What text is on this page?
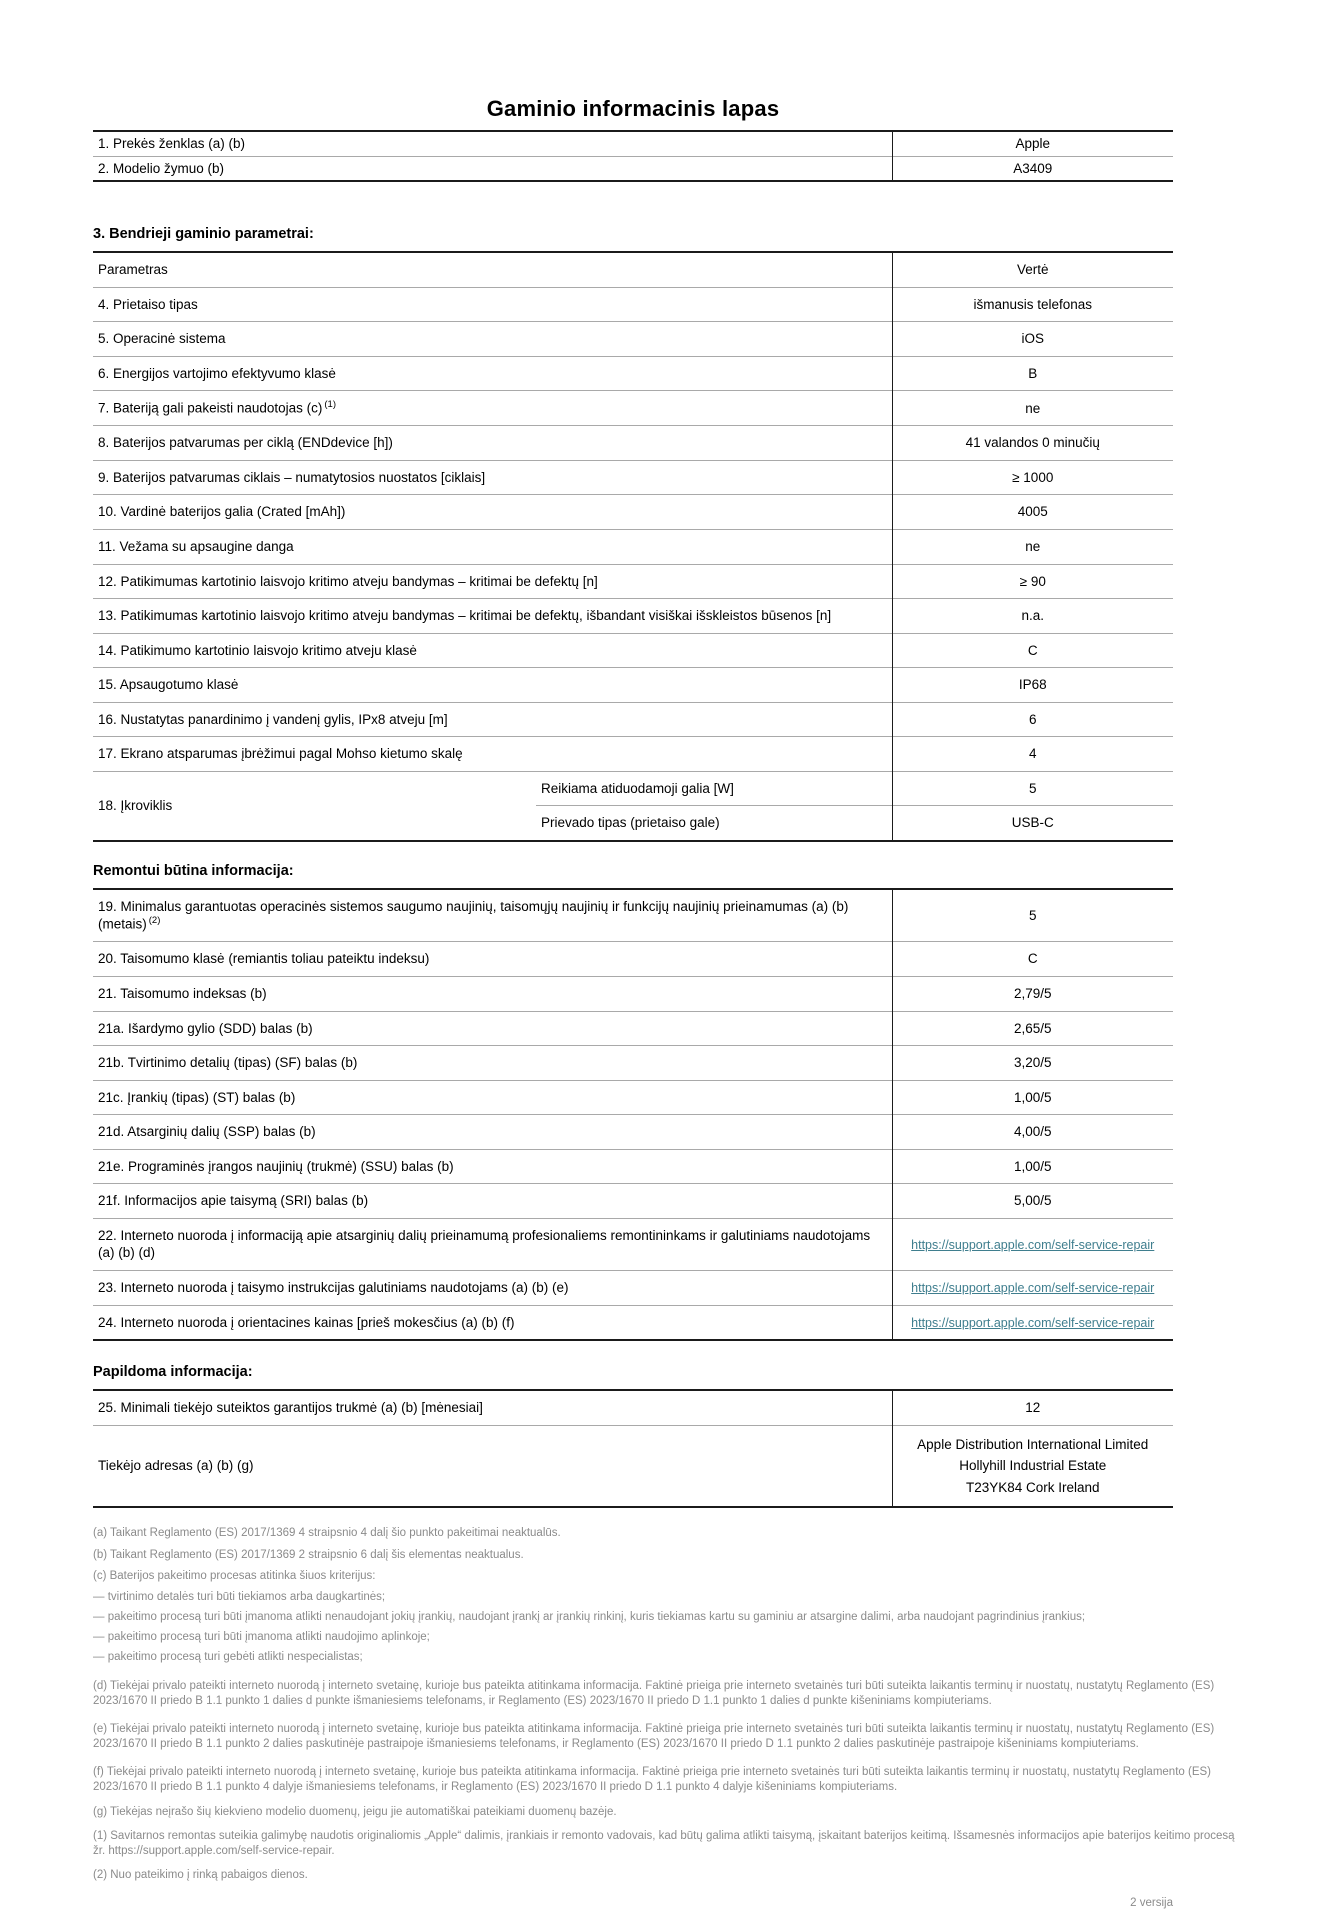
Gaminio informacinis lapas
1. Prekės ženklas (a) (b)	Apple
2. Modelio žymuo (b)	A3409
3. Bendrieji gaminio parametrai:
Parametras		Vertė
4. Prietaiso tipas		išmanusis telefonas
5. Operacinė sistema		iOS
6. Energijos vartojimo efektyvumo klasė		B
7. Bateriją gali pakeisti naudotojas (c) $^{(1)}$		ne
8. Baterijos patvarumas per ciklą (ENDdevice [h])		41 valandos 0 minučių
9. Baterijos patvarumas ciklais – numatytosios nuostatos [ciklais]		≥ 1000
10. Vardinė baterijos galia (Crated [mAh])		4005
11. Vežama su apsaugine danga		ne
12. Patikimumas kartotinio laisvojo kritimo atveju bandymas – kritimai be defektų [n]		≥ 90
13. Patikimumas kartotinio laisvojo kritimo atveju bandymas – kritimai be defektų, išbandant visiškai išskleistos būsenos [n]		n.a.
14. Patikimumo kartotinio laisvojo kritimo atveju klasė		C
15. Apsaugotumo klasė		IP68
16. Nustatytas panardinimo į vandenį gylis, IPx8 atveju [m]		6
17. Ekrano atsparumas įbrėžimui pagal Mohso kietumo skalę		4
18. Įkroviklis	Reikiama atiduodamoji galia [W]	5
	Prievado tipas (prietaiso gale)	USB-C
Remontui būtina informacija:
19. Minimalus garantuotas operacinės sistemos saugumo naujinių, taisomųjų naujinių ir funkcijų naujinių prieinamumas (a) (b) (metais) $^{(2)}$	5
20. Taisomumo klasė (remiantis toliau pateiktu indeksu)	C
21. Taisomumo indeksas (b)	2,79/5
21a. Išardymo gylio (SDD) balas (b)	2,65/5
21b. Tvirtinimo detalių (tipas) (SF) balas (b)	3,20/5
21c. Įrankių (tipas) (ST) balas (b)	1,00/5
21d. Atsarginių dalių (SSP) balas (b)	4,00/5
21e. Programinės įrangos naujinių (trukmė) (SSU) balas (b)	1,00/5
21f. Informacijos apie taisymą (SRI) balas (b)	5,00/5
22. Interneto nuoroda į informaciją apie atsarginių dalių prieinamumą profesionaliems remontininkams ir galutiniams naudotojams (a) (b) (d)	https://support.apple.com/self-service-repair
23. Interneto nuoroda į taisymo instrukcijas galutiniams naudotojams (a) (b) (e)	https://support.apple.com/self-service-repair
24. Interneto nuoroda į orientacines kainas [prieš mokesčius (a) (b) (f)	https://support.apple.com/self-service-repair
Papildoma informacija:
25. Minimali tiekėjo suteiktos garantijos trukmė (a) (b) [mėnesiai]	12
Tiekėjo adresas (a) (b) (g)	Apple Distribution International Limited
Hollyhill Industrial Estate
T23YK84 Cork Ireland

(a) Taikant Reglamento (ES) 2017/1369 4 straipsnio 4 dalį šio punkto pakeitimai neaktualūs.

(b) Taikant Reglamento (ES) 2017/1369 2 straipsnio 6 dalį šis elementas neaktualus.

(c) Baterijos pakeitimo procesas atitinka šiuos kriterijus:

— tvirtinimo detalės turi būti tiekiamos arba daugkartinės;

— pakeitimo procesą turi būti įmanoma atlikti nenaudojant jokių įrankių, naudojant įrankį ar įrankių rinkinį, kuris tiekiamas kartu su gaminiu ar atsargine dalimi, arba naudojant pagrindinius įrankius;

— pakeitimo procesą turi būti įmanoma atlikti naudojimo aplinkoje;

— pakeitimo procesą turi gebėti atlikti nespecialistas;

(d) Tiekėjai privalo pateikti interneto nuorodą į interneto svetainę, kurioje bus pateikta atitinkama informacija. Faktinė prieiga prie interneto svetainės turi būti suteikta laikantis terminų ir nuostatų, nustatytų Reglamento (ES) 2023/1670 II priedo B 1.1 punkto 1 dalies d punkte išmaniesiems telefonams, ir Reglamento (ES) 2023/1670 II priedo D 1.1 punkto 1 dalies d punkte kišeniniams kompiuteriams.

(e) Tiekėjai privalo pateikti interneto nuorodą į interneto svetainę, kurioje bus pateikta atitinkama informacija. Faktinė prieiga prie interneto svetainės turi būti suteikta laikantis terminų ir nuostatų, nustatytų Reglamento (ES) 2023/1670 II priedo B 1.1 punkto 2 dalies paskutinėje pastraipoje išmaniesiems telefonams, ir Reglamento (ES) 2023/1670 II priedo D 1.1 punkto 2 dalies paskutinėje pastraipoje kišeniniams kompiuteriams.

(f) Tiekėjai privalo pateikti interneto nuorodą į interneto svetainę, kurioje bus pateikta atitinkama informacija. Faktinė prieiga prie interneto svetainės turi būti suteikta laikantis terminų ir nuostatų, nustatytų Reglamento (ES) 2023/1670 II priedo B 1.1 punkto 4 dalyje išmaniesiems telefonams, ir Reglamento (ES) 2023/1670 II priedo D 1.1 punkto 4 dalyje kišeniniams kompiuteriams.

(g) Tiekėjas neįrašo šių kiekvieno modelio duomenų, jeigu jie automatiškai pateikiami duomenų bazėje.

(1) Savitarnos remontas suteikia galimybę naudotis originaliomis „Apple“ dalimis, įrankiais ir remonto vadovais, kad būtų galima atlikti taisymą, įskaitant baterijos keitimą. Išsamesnės informacijos apie baterijos keitimo procesą žr. https://support.apple.com/self-service-repair.

(2) Nuo pateikimo į rinką pabaigos dienos.

2 versija
